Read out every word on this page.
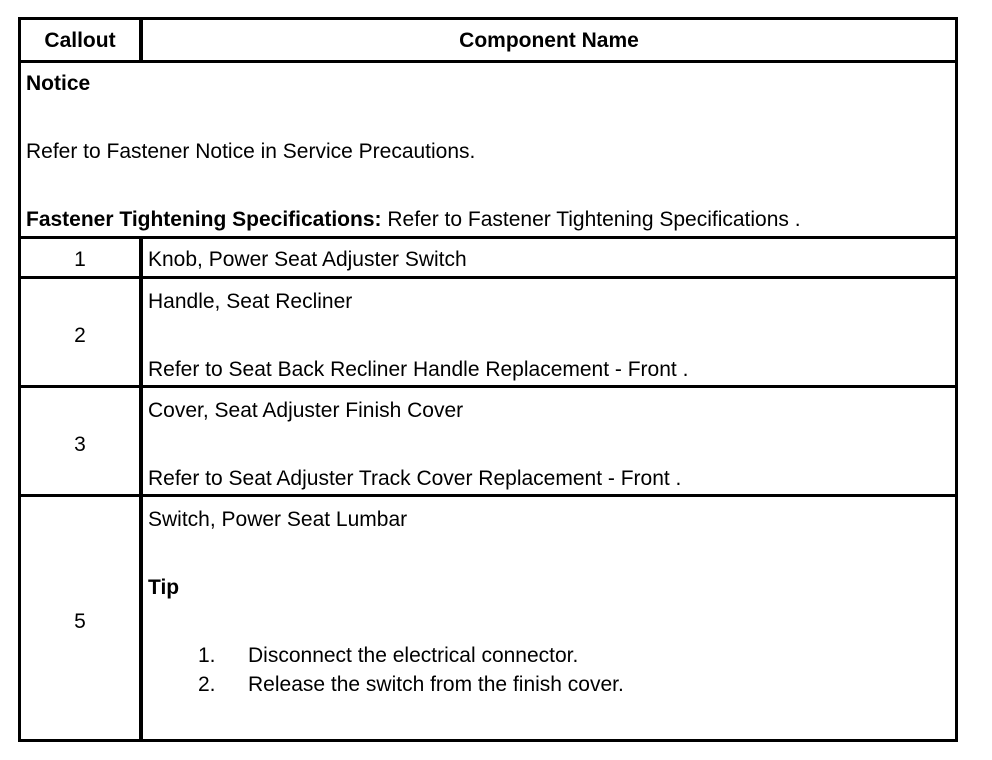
Callout	Component Name
Notice
Refer to Fastener Notice in Service Precautions.
Fastener Tightening Specifications: Refer to Fastener Tightening Specifications .
1	Knob, Power Seat Adjuster Switch
2
Handle, Seat Recliner
Refer to Seat Back Recliner Handle Replacement - Front .
3
Cover, Seat Adjuster Finish Cover
Refer to Seat Adjuster Track Cover Replacement - Front .
5
Switch, Power Seat Lumbar
Tip
1. Disconnect the electrical connector.
2. Release the switch from the finish cover.
